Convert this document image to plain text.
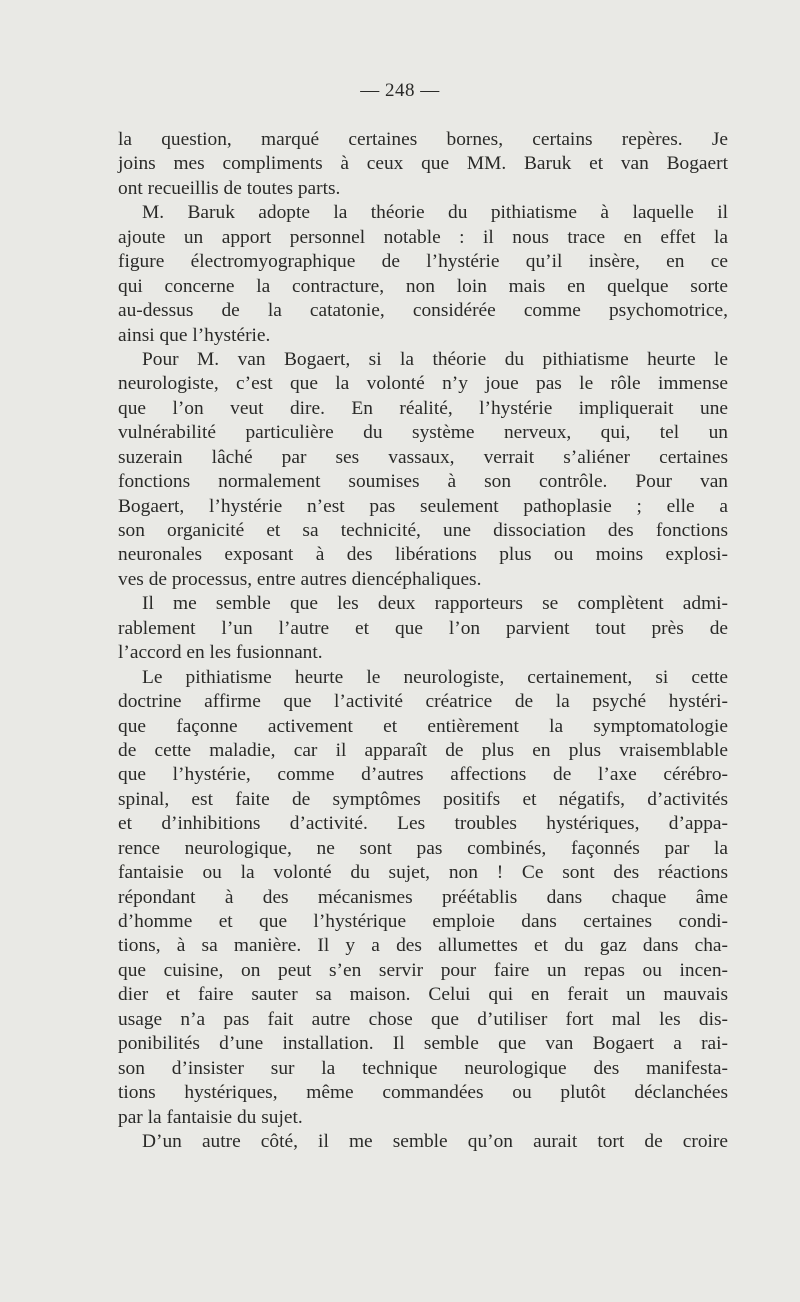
— 248 —
la question, marqué certaines bornes, certains repères. Je
joins mes compliments à ceux que MM. Baruk et van Bogaert
ont recueillis de toutes parts.
M. Baruk adopte la théorie du pithiatisme à laquelle il
ajoute un apport personnel notable : il nous trace en effet la
figure électromyographique de l’hystérie qu’il insère, en ce
qui concerne la contracture, non loin mais en quelque sorte
au-dessus de la catatonie, considérée comme psychomotrice,
ainsi que l’hystérie.
Pour M. van Bogaert, si la théorie du pithiatisme heurte le
neurologiste, c’est que la volonté n’y joue pas le rôle immense
que l’on veut dire. En réalité, l’hystérie impliquerait une
vulnérabilité particulière du système nerveux, qui, tel un
suzerain lâché par ses vassaux, verrait s’aliéner certaines
fonctions normalement soumises à son contrôle. Pour van
Bogaert, l’hystérie n’est pas seulement pathoplasie ; elle a
son organicité et sa technicité, une dissociation des fonctions
neuronales exposant à des libérations plus ou moins explosi-
ves de processus, entre autres diencéphaliques.
Il me semble que les deux rapporteurs se complètent admi-
rablement l’un l’autre et que l’on parvient tout près de
l’accord en les fusionnant.
Le pithiatisme heurte le neurologiste, certainement, si cette
doctrine affirme que l’activité créatrice de la psyché hystéri-
que façonne activement et entièrement la symptomatologie
de cette maladie, car il apparaît de plus en plus vraisemblable
que l’hystérie, comme d’autres affections de l’axe cérébro-
spinal, est faite de symptômes positifs et négatifs, d’activités
et d’inhibitions d’activité. Les troubles hystériques, d’appa-
rence neurologique, ne sont pas combinés, façonnés par la
fantaisie ou la volonté du sujet, non ! Ce sont des réactions
répondant à des mécanismes préétablis dans chaque âme
d’homme et que l’hystérique emploie dans certaines condi-
tions, à sa manière. Il y a des allumettes et du gaz dans cha-
que cuisine, on peut s’en servir pour faire un repas ou incen-
dier et faire sauter sa maison. Celui qui en ferait un mauvais
usage n’a pas fait autre chose que d’utiliser fort mal les dis-
ponibilités d’une installation. Il semble que van Bogaert a rai-
son d’insister sur la technique neurologique des manifesta-
tions hystériques, même commandées ou plutôt déclanchées
par la fantaisie du sujet.
D’un autre côté, il me semble qu’on aurait tort de croire
